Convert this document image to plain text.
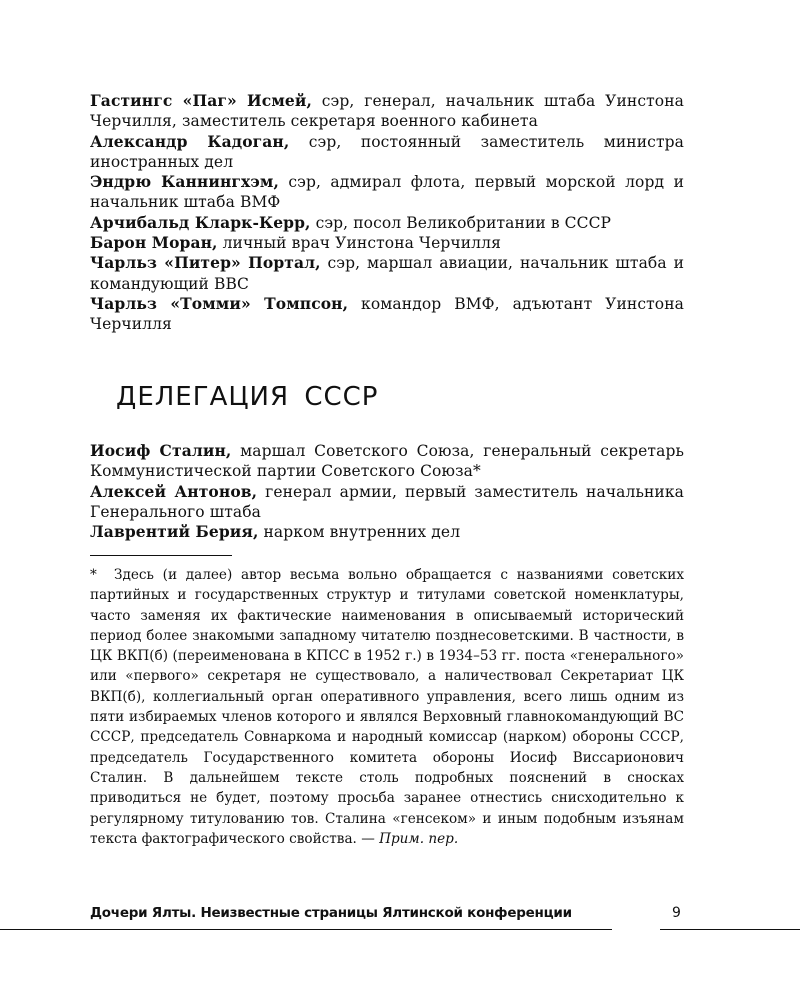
Гастингс «Паг» Исмей, сэр, генерал, начальник штаба Уинстона Черчилля, заместитель секретаря военного кабинета
Александр Кадоган, сэр, постоянный заместитель министра иностранных дел
Эндрю Каннингхэм, сэр, адмирал флота, первый морской лорд и начальник штаба ВМФ
Арчибальд Кларк-Керр, сэр, посол Великобритании в СССР
Барон Моран, личный врач Уинстона Черчилля
Чарльз «Питер» Портал, сэр, маршал авиации, начальник штаба и командующий ВВС
Чарльз «Томми» Томпсон, командор ВМФ, адъютант Уинстона Черчилля
ДЕЛЕГАЦИЯ СССР
Иосиф Сталин, маршал Советского Союза, генеральный секретарь Коммунистической партии Советского Союза*
Алексей Антонов, генерал армии, первый заместитель начальника Генерального штаба
Лаврентий Берия, нарком внутренних дел
* Здесь (и далее) автор весьма вольно обращается с названиями советских партийных и государственных структур и титулами советской номенклатуры, часто заменяя их фактические наименования в описываемый исторический период более знакомыми западному читателю позднесоветскими. В частности, в ЦК ВКП(б) (переименована в КПСС в 1952 г.) в 1934–53 гг. поста «генерального» или «первого» секретаря не существовало, а наличествовал Секретариат ЦК ВКП(б), коллегиальный орган оперативного управления, всего лишь одним из пяти избираемых членов которого и являлся Верховный главнокомандующий ВС СССР, председатель Совнаркома и народный комиссар (нарком) обороны СССР, председатель Государственного комитета обороны Иосиф Виссарионович Сталин. В дальнейшем тексте столь подробных пояснений в сносках приводиться не будет, поэтому просьба заранее отнестись снисходительно к регулярному титулованию тов. Сталина «генсеком» и иным подобным изъянам текста фактографического свойства. — Прим. пер.
Дочери Ялты. Неизвестные страницы Ялтинской конференции	9
